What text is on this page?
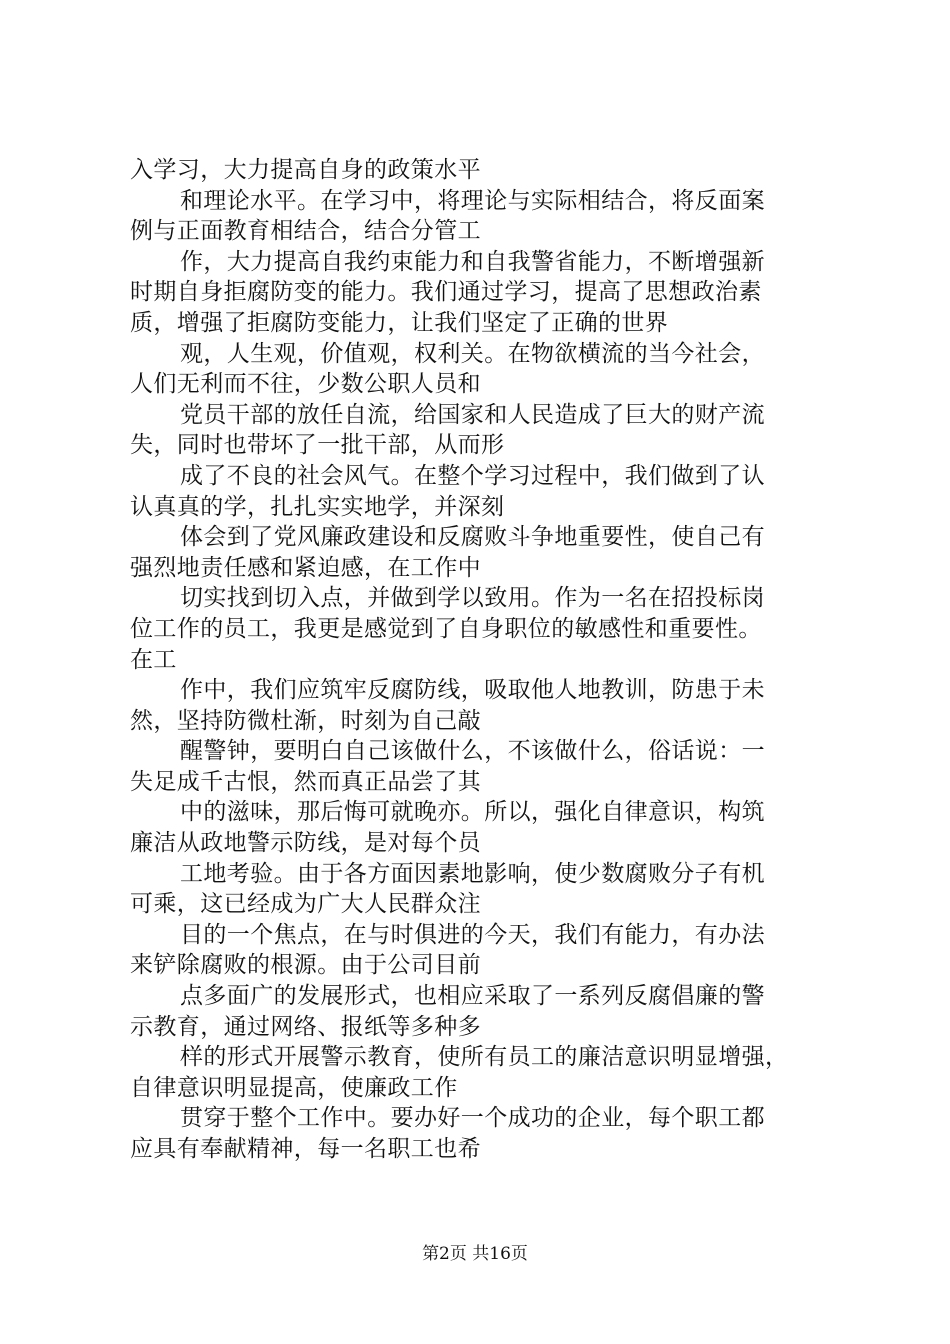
入学习，大力提高自身的政策水平
和理论水平。在学习中，将理论与实际相结合，将反面案
例与正面教育相结合，结合分管工
作，大力提高自我约束能力和自我警省能力，不断增强新
时期自身拒腐防变的能力。我们通过学习，提高了思想政治素
质，增强了拒腐防变能力，让我们坚定了正确的世界
观，人生观，价值观，权利关。在物欲横流的当今社会，
人们无利而不往，少数公职人员和
党员干部的放任自流，给国家和人民造成了巨大的财产流
失，同时也带坏了一批干部，从而形
成了不良的社会风气。在整个学习过程中，我们做到了认
认真真的学，扎扎实实地学，并深刻
体会到了党风廉政建设和反腐败斗争地重要性，使自己有
强烈地责任感和紧迫感，在工作中
切实找到切入点，并做到学以致用。作为一名在招投标岗
位工作的员工，我更是感觉到了自身职位的敏感性和重要性。
在工
作中，我们应筑牢反腐防线，吸取他人地教训，防患于未
然，坚持防微杜渐，时刻为自己敲
醒警钟，要明白自己该做什么，不该做什么，俗话说：一
失足成千古恨，然而真正品尝了其
中的滋味，那后悔可就晚亦。所以，强化自律意识，构筑
廉洁从政地警示防线，是对每个员
工地考验。由于各方面因素地影响，使少数腐败分子有机
可乘，这已经成为广大人民群众注
目的一个焦点，在与时俱进的今天，我们有能力，有办法
来铲除腐败的根源。由于公司目前
点多面广的发展形式，也相应采取了一系列反腐倡廉的警
示教育，通过网络、报纸等多种多
样的形式开展警示教育，使所有员工的廉洁意识明显增强，
自律意识明显提高，使廉政工作
贯穿于整个工作中。要办好一个成功的企业，每个职工都
应具有奉献精神，每一名职工也希
第2页 共16页
